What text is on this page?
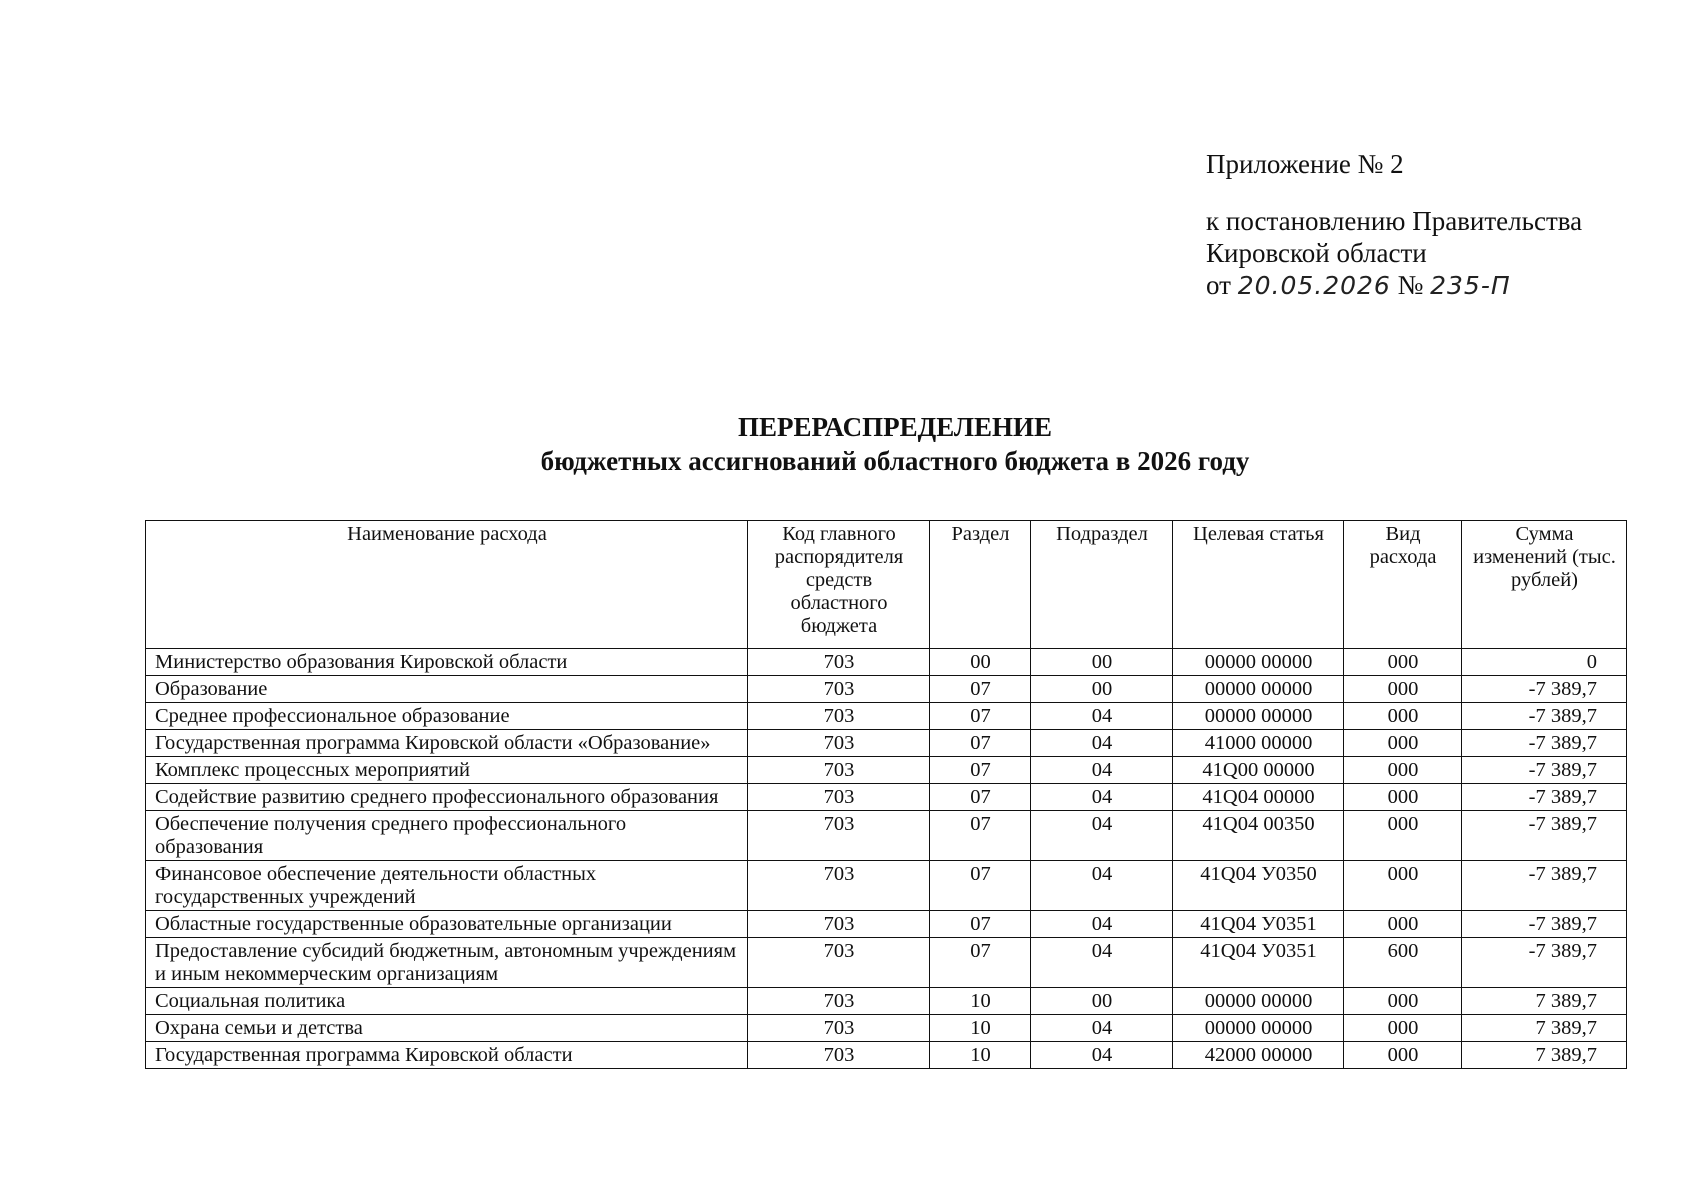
Приложение № 2
к постановлению Правительства
Кировской области
от 20.05.2026 № 235-П
ПЕРЕРАСПРЕДЕЛЕНИЕ
бюджетных ассигнований областного бюджета в 2026 году
Наименование расхода	Код главного распорядителя средств областного бюджета	Раздел	Подраздел	Целевая статья	Вид расхода	Сумма изменений (тыс. рублей)
Министерство образования Кировской области	703	00	00	00000 00000	000	0
Образование	703	07	00	00000 00000	000	-7 389,7
Среднее профессиональное образование	703	07	04	00000 00000	000	-7 389,7
Государственная программа Кировской области «Образование»	703	07	04	41000 00000	000	-7 389,7
Комплекс процессных мероприятий	703	07	04	41Q00 00000	000	-7 389,7
Содействие развитию среднего профессионального образования	703	07	04	41Q04 00000	000	-7 389,7
Обеспечение получения среднего профессионального образования	703	07	04	41Q04 00350	000	-7 389,7
Финансовое обеспечение деятельности областных государственных учреждений	703	07	04	41Q04 У0350	000	-7 389,7
Областные государственные образовательные организации	703	07	04	41Q04 У0351	000	-7 389,7
Предоставление субсидий бюджетным, автономным учреждениям и иным некоммерческим организациям	703	07	04	41Q04 У0351	600	-7 389,7
Социальная политика	703	10	00	00000 00000	000	7 389,7
Охрана семьи и детства	703	10	04	00000 00000	000	7 389,7
Государственная программа Кировской области	703	10	04	42000 00000	000	7 389,7
